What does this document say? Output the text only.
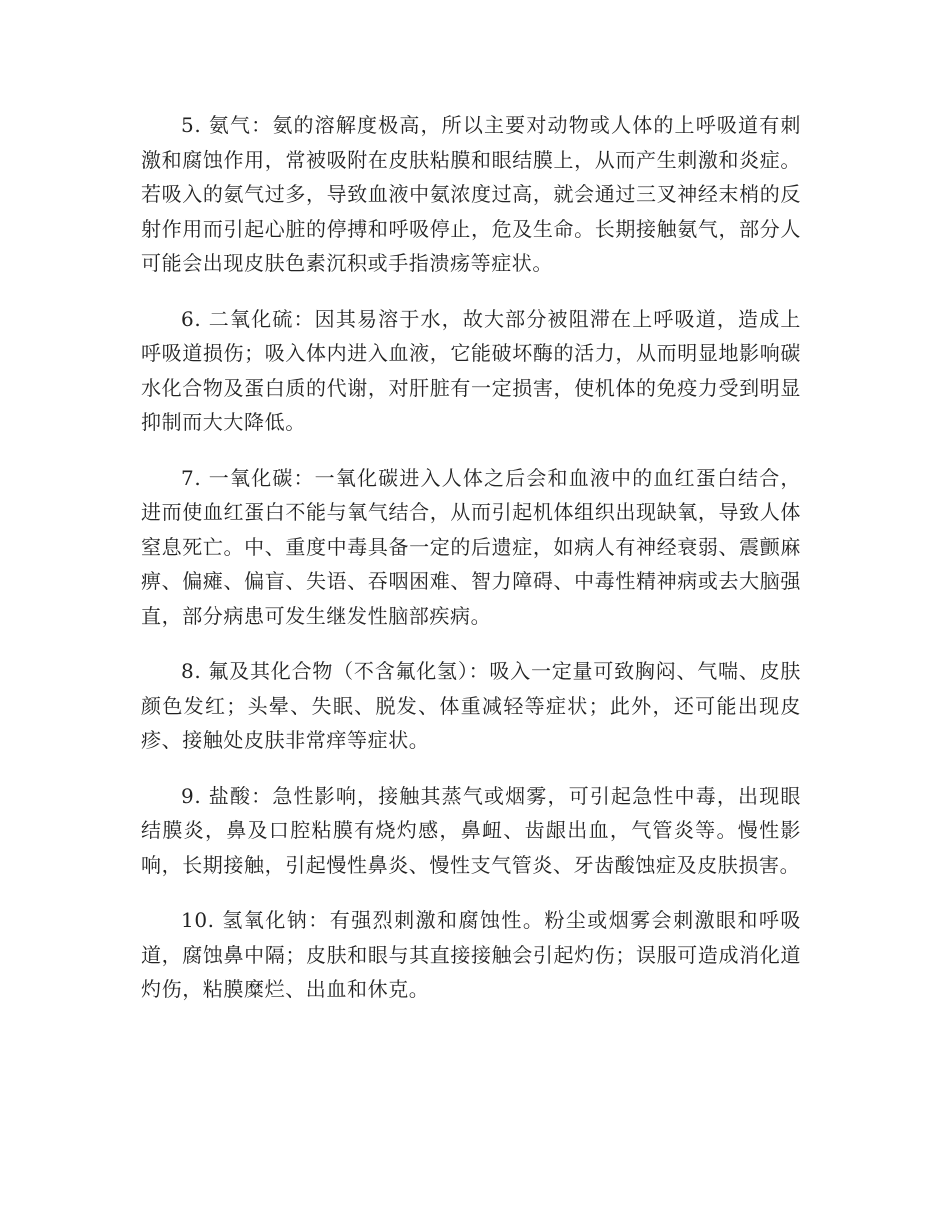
5. 氨气：氨的溶解度极高，所以主要对动物或人体的上呼吸道有刺激和腐蚀作用，常被吸附在皮肤粘膜和眼结膜上，从而产生刺激和炎症。若吸入的氨气过多，导致血液中氨浓度过高，就会通过三叉神经末梢的反射作用而引起心脏的停搏和呼吸停止，危及生命。长期接触氨气，部分人可能会出现皮肤色素沉积或手指溃疡等症状。

6. 二氧化硫：因其易溶于水，故大部分被阻滞在上呼吸道，造成上呼吸道损伤；吸入体内进入血液，它能破坏酶的活力，从而明显地影响碳水化合物及蛋白质的代谢，对肝脏有一定损害，使机体的免疫力受到明显抑制而大大降低。

7. 一氧化碳：一氧化碳进入人体之后会和血液中的血红蛋白结合，进而使血红蛋白不能与氧气结合，从而引起机体组织出现缺氧，导致人体窒息死亡。中、重度中毒具备一定的后遗症，如病人有神经衰弱、震颤麻痹、偏瘫、偏盲、失语、吞咽困难、智力障碍、中毒性精神病或去大脑强直，部分病患可发生继发性脑部疾病。

8. 氟及其化合物（不含氟化氢）：吸入一定量可致胸闷、气喘、皮肤颜色发红；头晕、失眠、脱发、体重减轻等症状；此外，还可能出现皮疹、接触处皮肤非常痒等症状。

9. 盐酸：急性影响，接触其蒸气或烟雾，可引起急性中毒，出现眼结膜炎，鼻及口腔粘膜有烧灼感，鼻衄、齿龈出血，气管炎等。慢性影响，长期接触，引起慢性鼻炎、慢性支气管炎、牙齿酸蚀症及皮肤损害。

10. 氢氧化钠：有强烈刺激和腐蚀性。粉尘或烟雾会刺激眼和呼吸道，腐蚀鼻中隔；皮肤和眼与其直接接触会引起灼伤；误服可造成消化道灼伤，粘膜糜烂、出血和休克。
